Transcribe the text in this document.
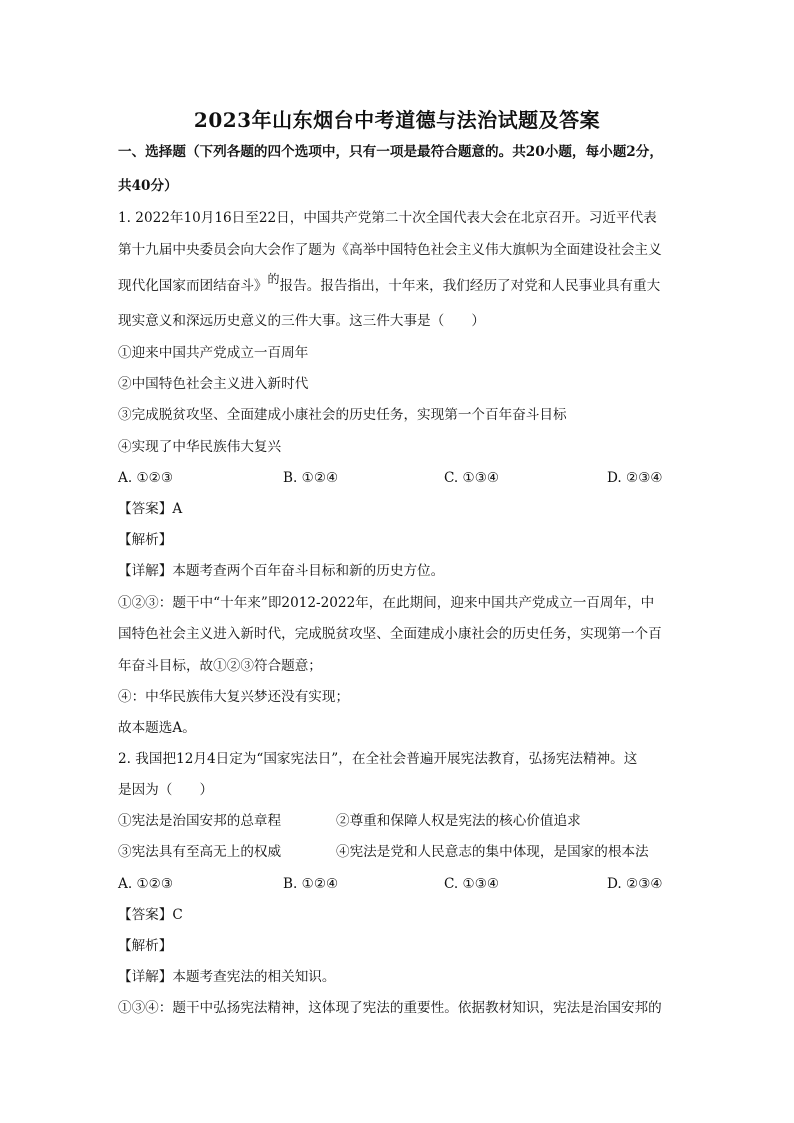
2023年山东烟台中考道德与法治试题及答案
一、选择题（下列各题的四个选项中，只有一项是最符合题意的。共20小题，每小题2分，
共40分）
1. 2022年10月16日至22日，中国共产党第二十次全国代表大会在北京召开。习近平代表
第十九届中央委员会向大会作了题为《高举中国特色社会主义伟大旗帜为全面建设社会主义
现代化国家而团结奋斗》的报告。报告指出，十年来，我们经历了对党和人民事业具有重大
现实意义和深远历史意义的三件大事。这三件大事是（　　）
①迎来中国共产党成立一百周年
②中国特色社会主义进入新时代
③完成脱贫攻坚、全面建成小康社会的历史任务，实现第一个百年奋斗目标
④实现了中华民族伟大复兴
A. ①②③	B. ①②④	C. ①③④	D. ②③④
【答案】A
【解析】
【详解】本题考查两个百年奋斗目标和新的历史方位。
①②③：题干中“十年来”即2012-2022年，在此期间，迎来中国共产党成立一百周年，中
国特色社会主义进入新时代，完成脱贫攻坚、全面建成小康社会的历史任务，实现第一个百
年奋斗目标，故①②③符合题意；
④：中华民族伟大复兴梦还没有实现；
故本题选A。
2. 我国把12月4日定为“国家宪法日”，在全社会普遍开展宪法教育，弘扬宪法精神。这
是因为（　　）
①宪法是治国安邦的总章程	②尊重和保障人权是宪法的核心价值追求
③宪法具有至高无上的权威	④宪法是党和人民意志的集中体现，是国家的根本法
A. ①②③	B. ①②④	C. ①③④	D. ②③④
【答案】C
【解析】
【详解】本题考查宪法的相关知识。
①③④：题干中弘扬宪法精神，这体现了宪法的重要性。依据教材知识，宪法是治国安邦的
